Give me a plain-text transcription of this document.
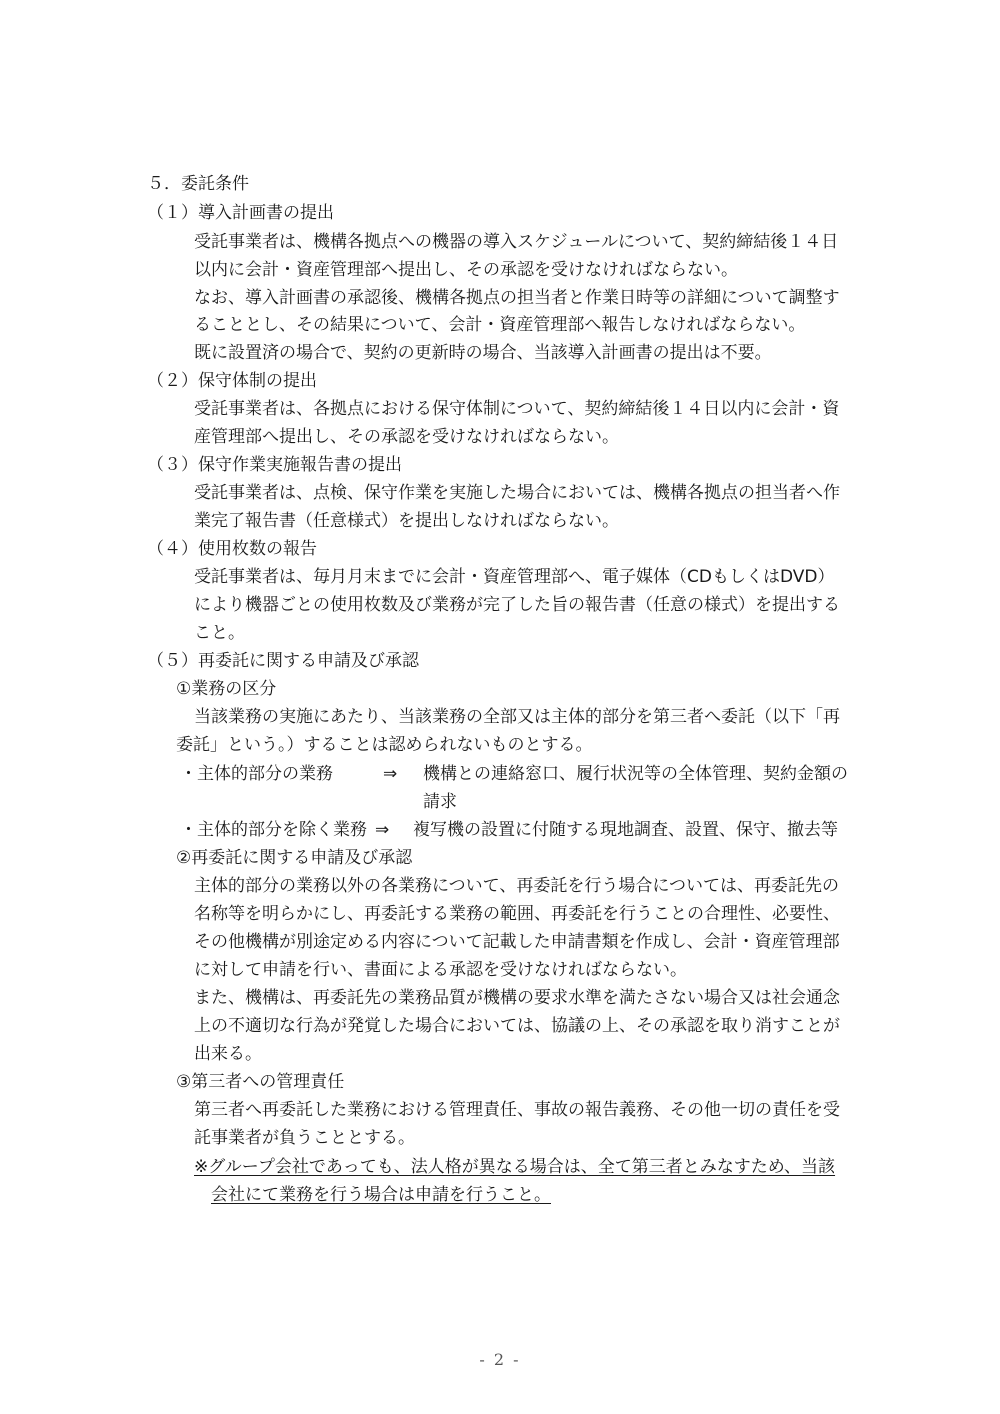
５．委託条件
（１）導入計画書の提出
受託事業者は、機構各拠点への機器の導入スケジュールについて、契約締結後１４日
以内に会計・資産管理部へ提出し、その承認を受けなければならない。
なお、導入計画書の承認後、機構各拠点の担当者と作業日時等の詳細について調整す
ることとし、その結果について、会計・資産管理部へ報告しなければならない。
既に設置済の場合で、契約の更新時の場合、当該導入計画書の提出は不要。
（２）保守体制の提出
受託事業者は、各拠点における保守体制について、契約締結後１４日以内に会計・資
産管理部へ提出し、その承認を受けなければならない。
（３）保守作業実施報告書の提出
受託事業者は、点検、保守作業を実施した場合においては、機構各拠点の担当者へ作
業完了報告書（任意様式）を提出しなければならない。
（４）使用枚数の報告
受託事業者は、毎月月末までに会計・資産管理部へ、電子媒体（CDもしくはDVD）
により機器ごとの使用枚数及び業務が完了した旨の報告書（任意の様式）を提出する
こと。
（５）再委託に関する申請及び承認
①業務の区分
当該業務の実施にあたり、当該業務の全部又は主体的部分を第三者へ委託（以下「再
委託」という。）することは認められないものとする。
・主体的部分の業務	⇒ 機構との連絡窓口、履行状況等の全体管理、契約金額の
請求
・主体的部分を除く業務 ⇒ 複写機の設置に付随する現地調査、設置、保守、撤去等
②再委託に関する申請及び承認
主体的部分の業務以外の各業務について、再委託を行う場合については、再委託先の
名称等を明らかにし、再委託する業務の範囲、再委託を行うことの合理性、必要性、
その他機構が別途定める内容について記載した申請書類を作成し、会計・資産管理部
に対して申請を行い、書面による承認を受けなければならない。
また、機構は、再委託先の業務品質が機構の要求水準を満たさない場合又は社会通念
上の不適切な行為が発覚した場合においては、協議の上、その承認を取り消すことが
出来る。
③第三者への管理責任
第三者へ再委託した業務における管理責任、事故の報告義務、その他一切の責任を受
託事業者が負うこととする。
※グループ会社であっても、法人格が異なる場合は、全て第三者とみなすため、当該
会社にて業務を行う場合は申請を行うこと。
- 2 -
